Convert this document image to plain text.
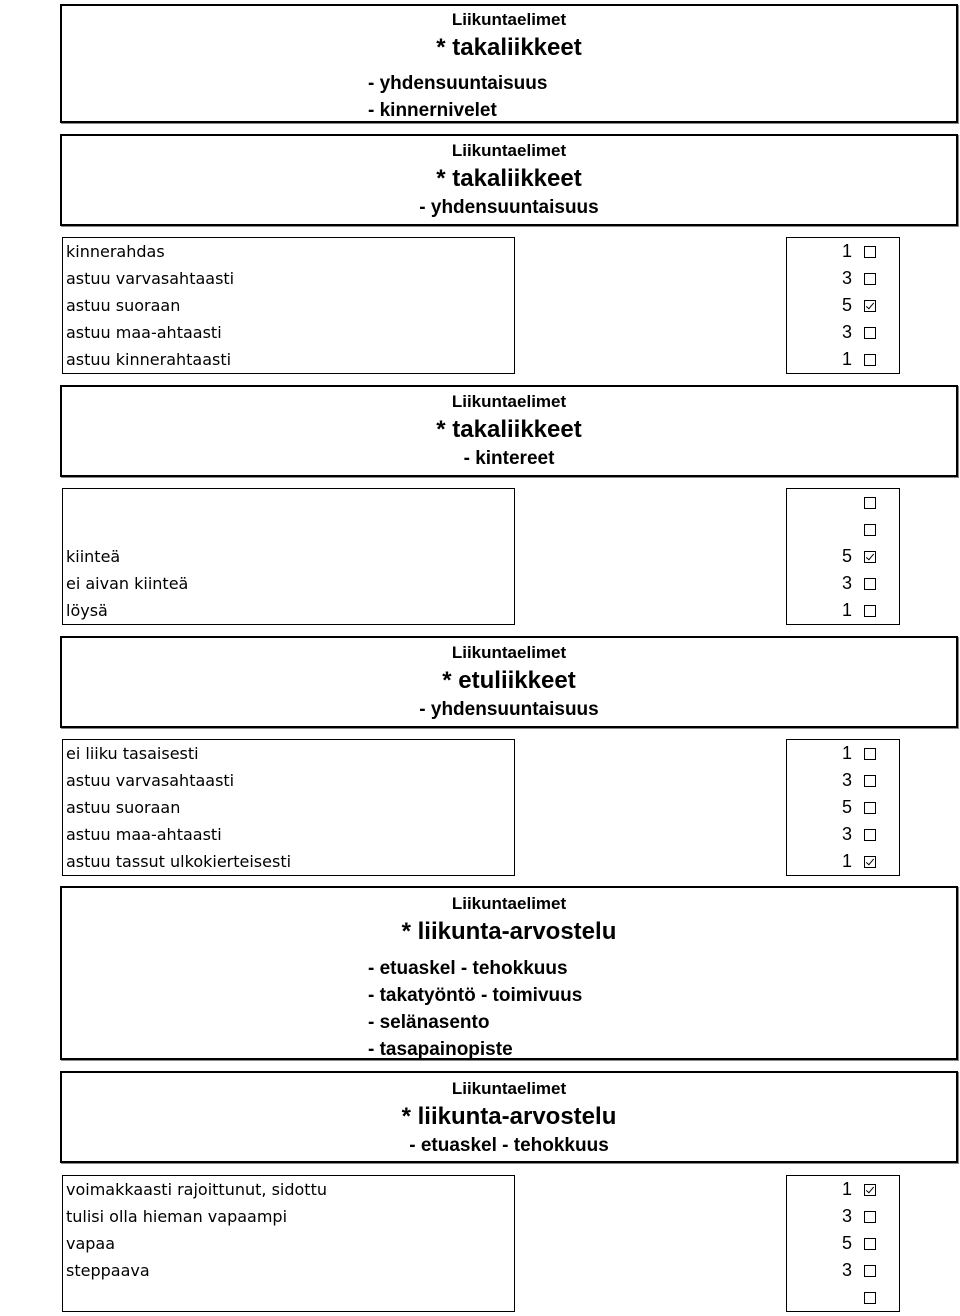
Liikuntaelimet
* takaliikkeet
- yhdensuuntaisuus
- kinnernivelet
Liikuntaelimet
* takaliikkeet
- yhdensuuntaisuus
kinnerahdas	1
astuu varvasahtaasti	3
astuu suoraan	5
astuu maa-ahtaasti	3
astuu kinnerahtaasti	1
Liikuntaelimet
* takaliikkeet
- kintereet
kiinteä	5
ei aivan kiinteä	3
löysä	1
Liikuntaelimet
* etuliikkeet
- yhdensuuntaisuus
ei liiku tasaisesti	1
astuu varvasahtaasti	3
astuu suoraan	5
astuu maa-ahtaasti	3
astuu tassut ulkokierteisesti	1
Liikuntaelimet
* liikunta-arvostelu
- etuaskel - tehokkuus
- takatyöntö - toimivuus
- selänasento
- tasapainopiste
Liikuntaelimet
* liikunta-arvostelu
- etuaskel - tehokkuus
voimakkaasti rajoittunut, sidottu	1
tulisi olla hieman vapaampi	3
vapaa	5
steppaava	3
